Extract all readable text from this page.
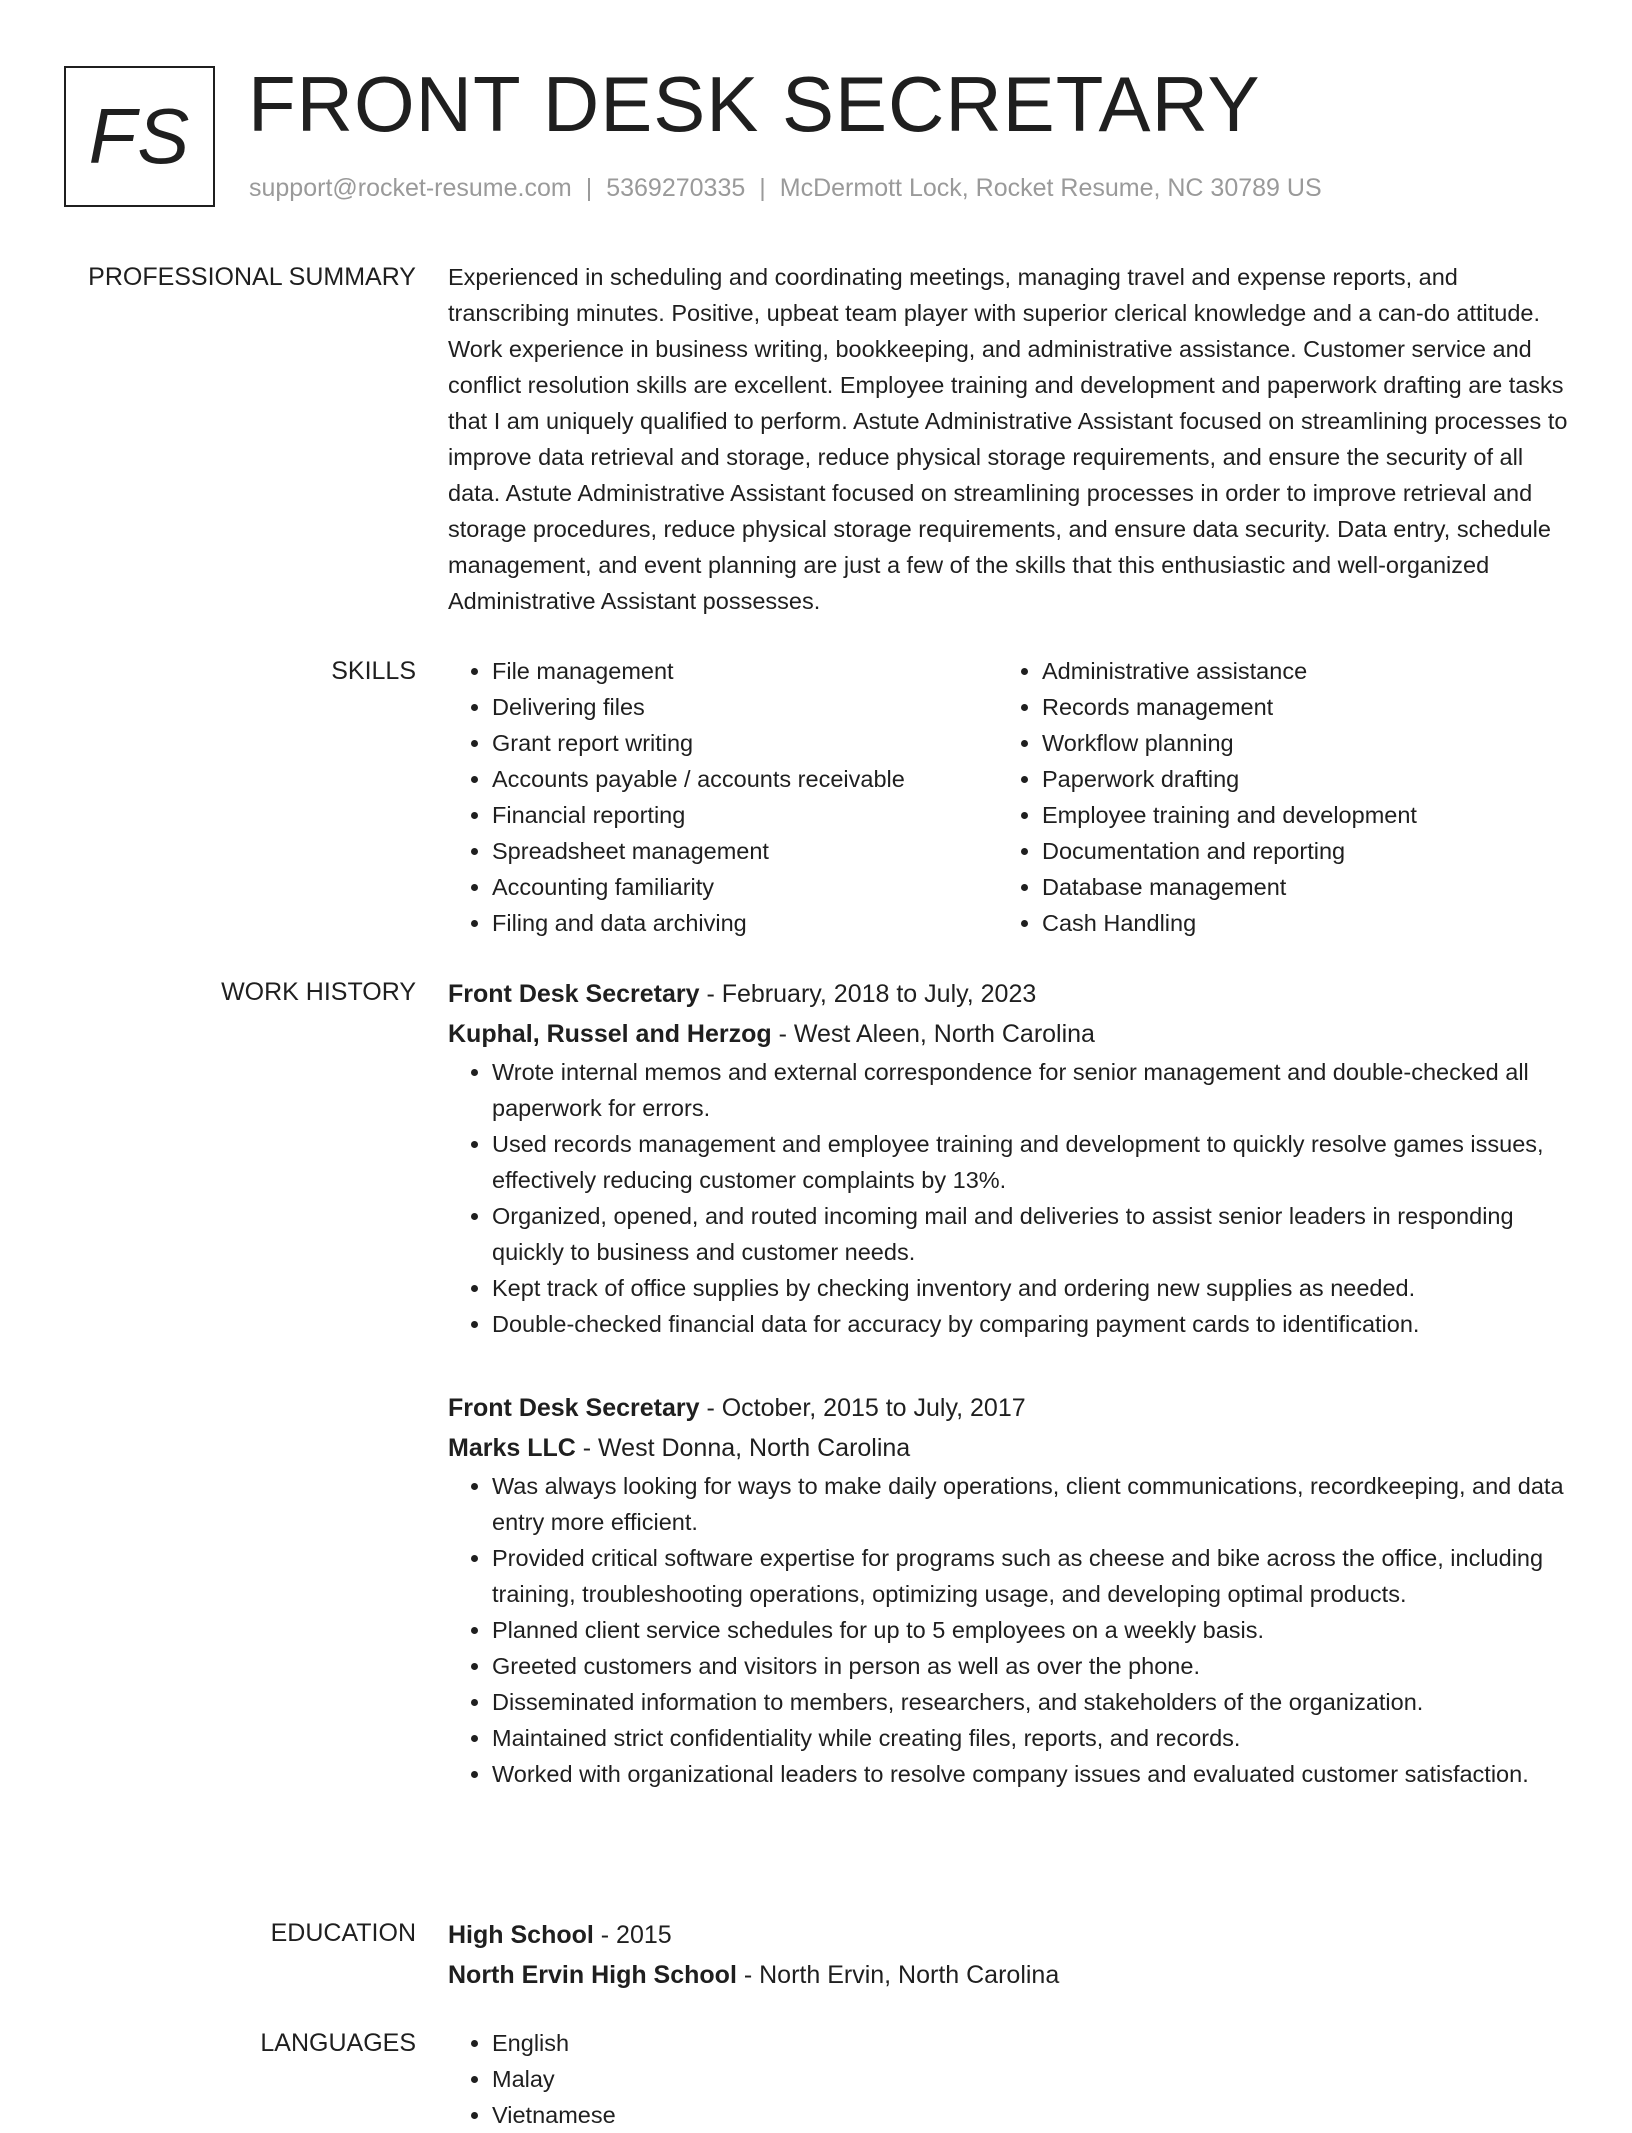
FS FRONT DESK SECRETARY
support@rocket-resume.com | 5369270335 | McDermott Lock, Rocket Resume, NC 30789 US
PROFESSIONAL SUMMARY Experienced in scheduling and coordinating meetings, managing travel and expense reports, and transcribing minutes. Positive, upbeat team player with superior clerical knowledge and a can-do attitude. Work experience in business writing, bookkeeping, and administrative assistance. Customer service and conflict resolution skills are excellent. Employee training and development and paperwork drafting are tasks that I am uniquely qualified to perform. Astute Administrative Assistant focused on streamlining processes to improve data retrieval and storage, reduce physical storage requirements, and ensure the security of all data. Astute Administrative Assistant focused on streamlining processes in order to improve retrieval and storage procedures, reduce physical storage requirements, and ensure data security. Data entry, schedule management, and event planning are just a few of the skills that this enthusiastic and well-organized Administrative Assistant possesses.

SKILLS	• File management
• Delivering files
• Grant report writing
• Accounts payable / accounts receivable
• Financial reporting
• Spreadsheet management
• Accounting familiarity
• Filing and data archiving
• Administrative assistance
• Records management
• Workflow planning
• Paperwork drafting
• Employee training and development
• Documentation and reporting
• Database management
• Cash Handling
WORK HISTORY Front Desk Secretary - February, 2018 to July, 2023
Kuphal, Russel and Herzog - West Aleen, North Carolina
• Wrote internal memos and external correspondence for senior management and double-checked all paperwork for errors.
• Used records management and employee training and development to quickly resolve games issues, effectively reducing customer complaints by 13%.
• Organized, opened, and routed incoming mail and deliveries to assist senior leaders in responding quickly to business and customer needs.
• Kept track of office supplies by checking inventory and ordering new supplies as needed.
• Double-checked financial data for accuracy by comparing payment cards to identification.
Front Desk Secretary - October, 2015 to July, 2017
Marks LLC - West Donna, North Carolina
• Was always looking for ways to make daily operations, client communications, recordkeeping, and data entry more efficient.
• Provided critical software expertise for programs such as cheese and bike across the office, including training, troubleshooting operations, optimizing usage, and developing optimal products.
• Planned client service schedules for up to 5 employees on a weekly basis.
• Greeted customers and visitors in person as well as over the phone.
• Disseminated information to members, researchers, and stakeholders of the organization.
• Maintained strict confidentiality while creating files, reports, and records.
• Worked with organizational leaders to resolve company issues and evaluated customer satisfaction.
EDUCATION High School - 2015
North Ervin High School - North Ervin, North Carolina
LANGUAGES	• English
• Malay
• Vietnamese
